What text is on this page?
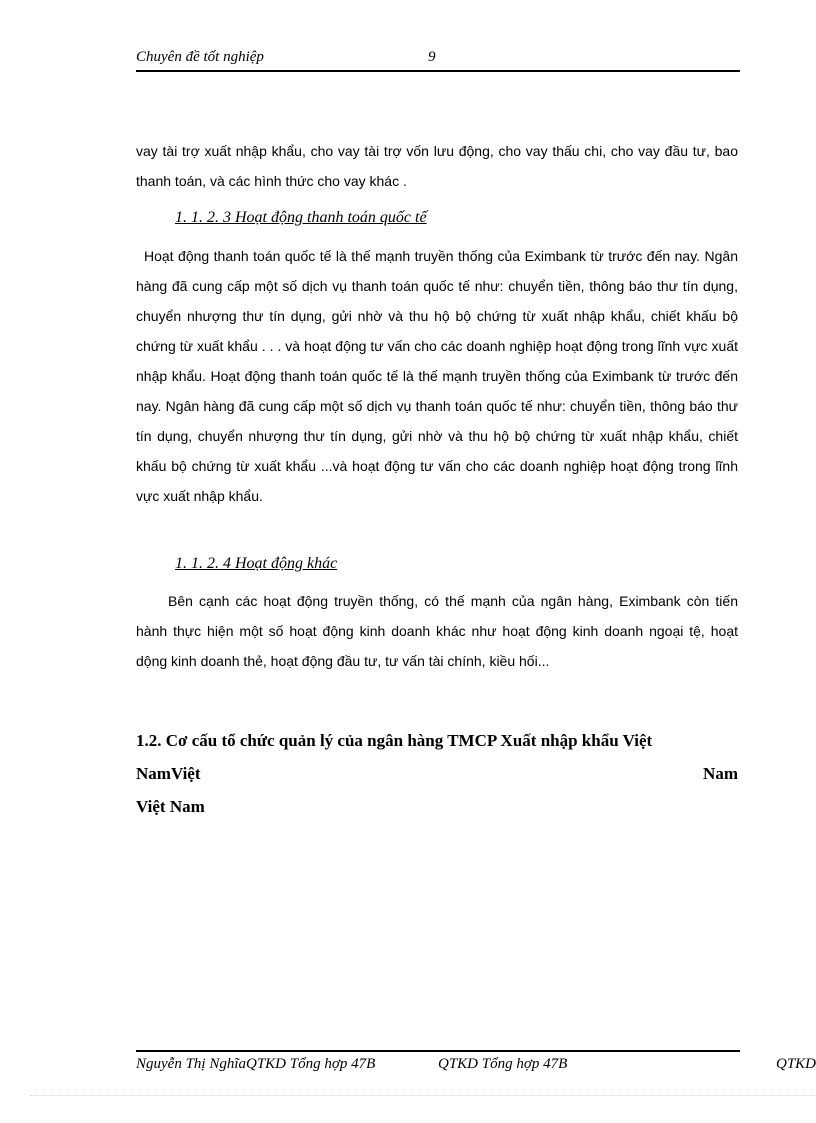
Chuyên đề tốt nghiệp	9
vay tài trợ xuất nhập khẩu, cho vay tài trợ vốn lưu động, cho vay thấu chi, cho vay đầu tư, bao thanh toán, và các hình thức cho vay khác .
1. 1. 2. 3 Hoạt động thanh toán quốc tế
Hoạt động thanh toán quốc tế là thế mạnh truyền thống của Eximbank từ trước đến nay. Ngân hàng đã cung cấp một số dịch vụ thanh toán quốc tế như: chuyển tiền, thông báo thư tín dụng, chuyển nhượng thư tín dụng, gửi nhờ và thu hộ bộ chứng từ xuất nhập khẩu, chiết khấu bộ chứng từ xuất khẩu . . . và hoạt động tư vấn cho các doanh nghiệp hoạt động trong lĩnh vực xuất nhập khẩu. Hoạt động thanh toán quốc tế là thế mạnh truyền thống của Eximbank từ trước đến nay. Ngân hàng đã cung cấp một số dịch vụ thanh toán quốc tế như: chuyển tiền, thông báo thư tín dụng, chuyển nhượng thư tín dụng, gửi nhờ và thu hộ bộ chứng từ xuất nhập khẩu, chiết khấu bộ chứng từ xuất khẩu ...và hoạt động tư vấn cho các doanh nghiệp hoạt động trong lĩnh vực xuất nhập khẩu.
1. 1. 2. 4 Hoạt động khác
Bên cạnh các hoạt động truyền thống, có thế mạnh của ngân hàng, Eximbank còn tiến hành thực hiện một số hoạt động kinh doanh khác như hoạt động kinh doanh ngoại tệ, hoạt dộng kinh doanh thẻ, hoạt động đầu tư, tư vấn tài chính, kiều hối...
1.2. Cơ cấu tổ chức quản lý của ngân hàng TMCP Xuất nhập khẩu Việt
NamViệt	Nam
Việt Nam
Nguyễn Thị NghĩaQTKD Tổng hợp 47B	QTKD Tổng hợp 47B	QTKD
